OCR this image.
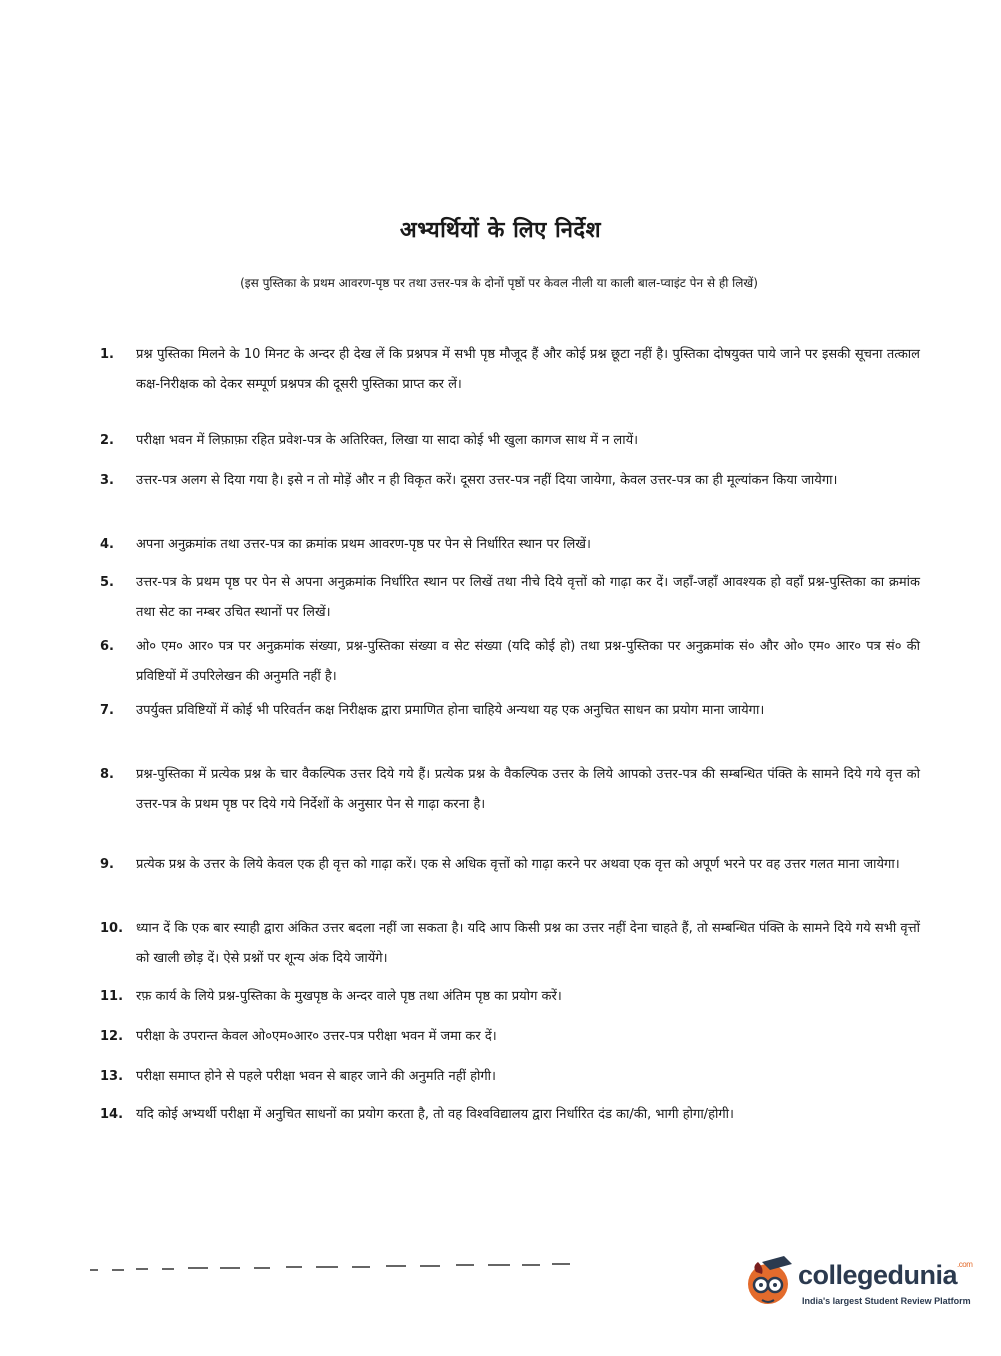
अभ्यर्थियों के लिए निर्देश
(इस पुस्तिका के प्रथम आवरण-पृष्ठ पर तथा उत्तर-पत्र के दोनों पृष्ठों पर केवल नीली या काली बाल-प्वाइंट पेन से ही लिखें)
1.	प्रश्न पुस्तिका मिलने के 10 मिनट के अन्दर ही देख लें कि प्रश्नपत्र में सभी पृष्ठ मौजूद हैं और कोई प्रश्न छूटा नहीं है। पुस्तिका दोषयुक्त पाये जाने पर इसकी सूचना तत्काल कक्ष-निरीक्षक को देकर सम्पूर्ण प्रश्नपत्र की दूसरी पुस्तिका प्राप्त कर लें।
2.	परीक्षा भवन में लिफ़ाफ़ा रहित प्रवेश-पत्र के अतिरिक्त, लिखा या सादा कोई भी खुला कागज साथ में न लायें।
3.	उत्तर-पत्र अलग से दिया गया है। इसे न तो मोड़ें और न ही विकृत करें। दूसरा उत्तर-पत्र नहीं दिया जायेगा, केवल उत्तर-पत्र का ही मूल्यांकन किया जायेगा।
4.	अपना अनुक्रमांक तथा उत्तर-पत्र का क्रमांक प्रथम आवरण-पृष्ठ पर पेन से निर्धारित स्थान पर लिखें।
5.	उत्तर-पत्र के प्रथम पृष्ठ पर पेन से अपना अनुक्रमांक निर्धारित स्थान पर लिखें तथा नीचे दिये वृत्तों को गाढ़ा कर दें। जहाँ-जहाँ आवश्यक हो वहाँ प्रश्न-पुस्तिका का क्रमांक तथा सेट का नम्बर उचित स्थानों पर लिखें।
6.	ओ० एम० आर० पत्र पर अनुक्रमांक संख्या, प्रश्न-पुस्तिका संख्या व सेट संख्या (यदि कोई हो) तथा प्रश्न-पुस्तिका पर अनुक्रमांक सं० और ओ० एम० आर० पत्र सं० की प्रविष्टियों में उपरिलेखन की अनुमति नहीं है।
7.	उपर्युक्त प्रविष्टियों में कोई भी परिवर्तन कक्ष निरीक्षक द्वारा प्रमाणित होना चाहिये अन्यथा यह एक अनुचित साधन का प्रयोग माना जायेगा।
8.	प्रश्न-पुस्तिका में प्रत्येक प्रश्न के चार वैकल्पिक उत्तर दिये गये हैं। प्रत्येक प्रश्न के वैकल्पिक उत्तर के लिये आपको उत्तर-पत्र की सम्बन्धित पंक्ति के सामने दिये गये वृत्त को उत्तर-पत्र के प्रथम पृष्ठ पर दिये गये निर्देशों के अनुसार पेन से गाढ़ा करना है।
9.	प्रत्येक प्रश्न के उत्तर के लिये केवल एक ही वृत्त को गाढ़ा करें। एक से अधिक वृत्तों को गाढ़ा करने पर अथवा एक वृत्त को अपूर्ण भरने पर वह उत्तर गलत माना जायेगा।
10. ध्यान दें कि एक बार स्याही द्वारा अंकित उत्तर बदला नहीं जा सकता है। यदि आप किसी प्रश्न का उत्तर नहीं देना चाहते हैं, तो सम्बन्धित पंक्ति के सामने दिये गये सभी वृत्तों को खाली छोड़ दें। ऐसे प्रश्नों पर शून्य अंक दिये जायेंगे।
11. रफ़ कार्य के लिये प्रश्न-पुस्तिका के मुखपृष्ठ के अन्दर वाले पृष्ठ तथा अंतिम पृष्ठ का प्रयोग करें।
12. परीक्षा के उपरान्त केवल ओ०एम०आर० उत्तर-पत्र परीक्षा भवन में जमा कर दें।
13. परीक्षा समाप्त होने से पहले परीक्षा भवन से बाहर जाने की अनुमति नहीं होगी।
14. यदि कोई अभ्यर्थी परीक्षा में अनुचित साधनों का प्रयोग करता है, तो वह विश्वविद्यालय द्वारा निर्धारित दंड का/की, भागी होगा/होगी।
collegedunia$^{.com}$
India's largest Student Review Platform
